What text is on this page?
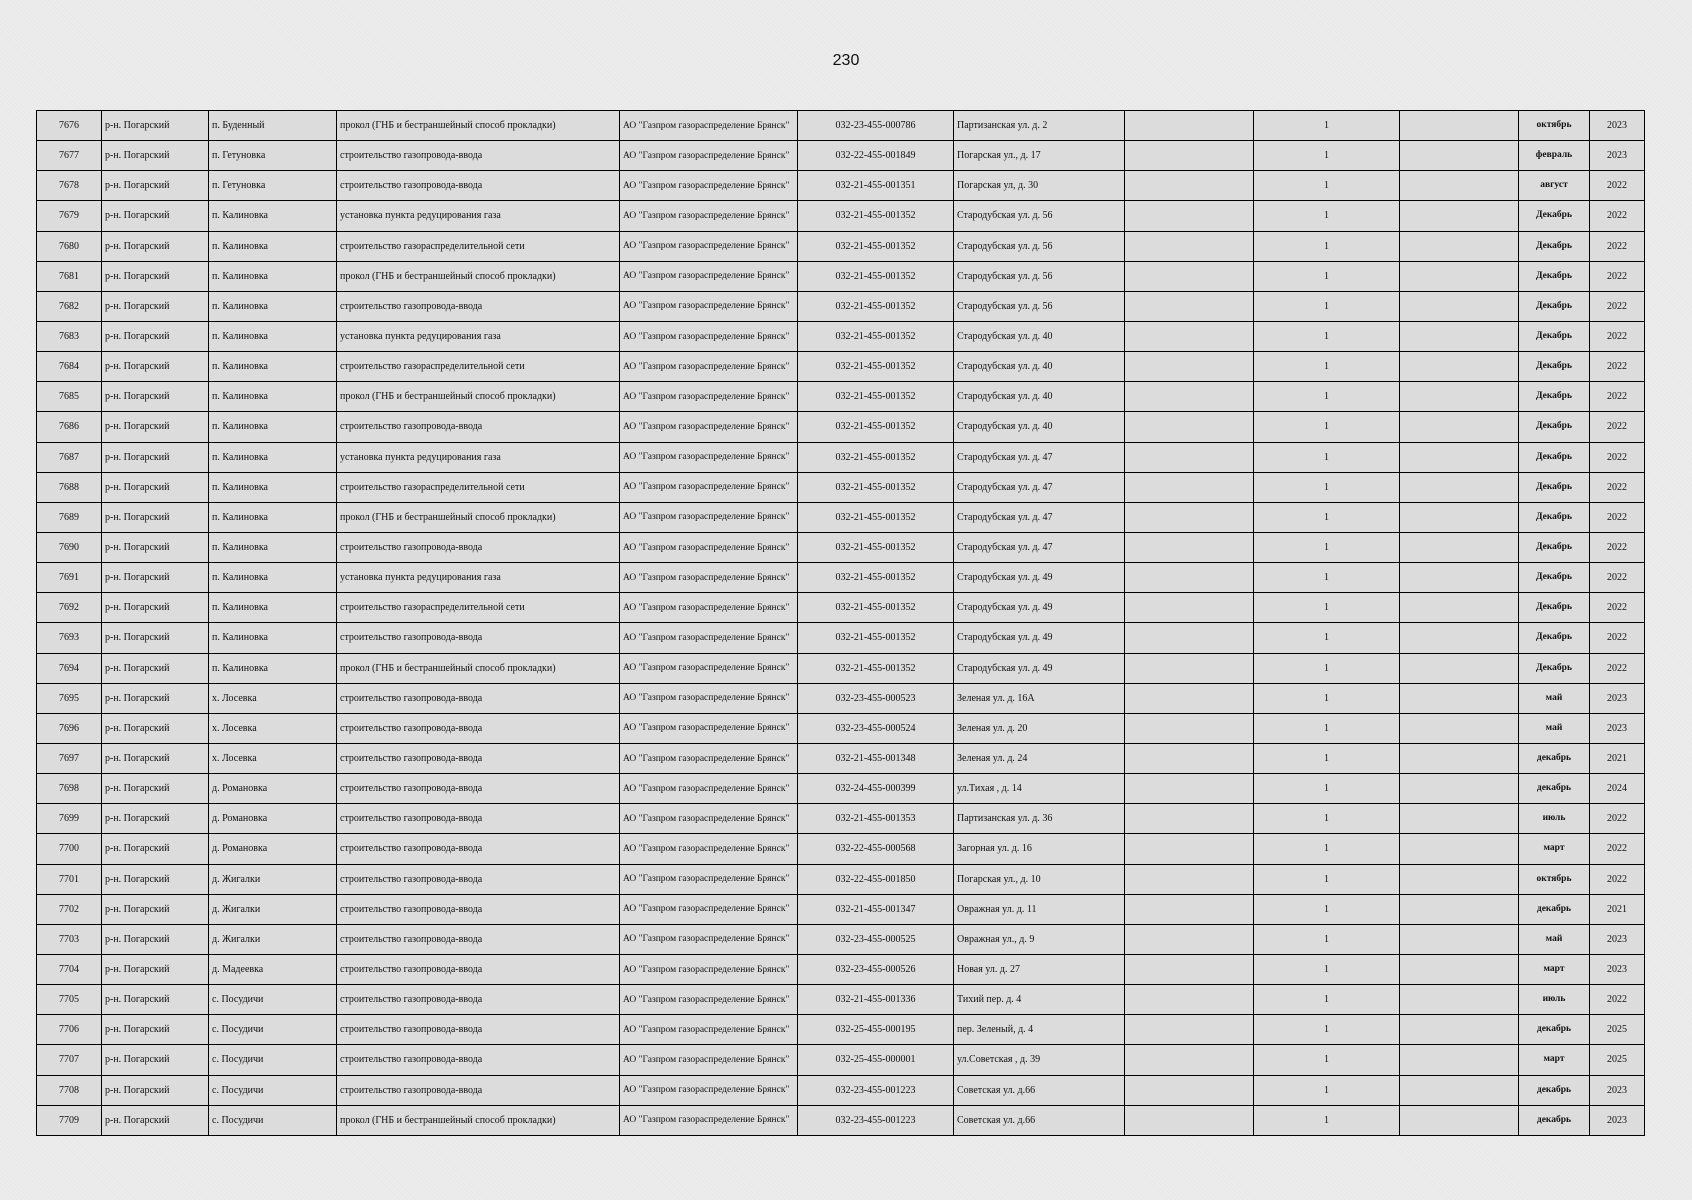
230
7676	р-н. Погарский	п. Буденный	прокол (ГНБ и бестраншейный способ прокладки)	АО "Газпром газораспределение Брянск"	032-23-455-000786	Партизанская ул. д. 2		1		октябрь	2023
7677	р-н. Погарский	п. Гетуновка	строительство газопровода-ввода	АО "Газпром газораспределение Брянск"	032-22-455-001849	Погарская ул., д. 17		1		февраль	2023
7678	р-н. Погарский	п. Гетуновка	строительство газопровода-ввода	АО "Газпром газораспределение Брянск"	032-21-455-001351	Погарская ул, д. 30		1		август	2022
7679	р-н. Погарский	п. Калиновка	установка пункта редуцирования газа	АО "Газпром газораспределение Брянск"	032-21-455-001352	Стародубская ул. д. 56		1		Декабрь	2022
7680	р-н. Погарский	п. Калиновка	строительство газораспределительной сети	АО "Газпром газораспределение Брянск"	032-21-455-001352	Стародубская ул. д. 56		1		Декабрь	2022
7681	р-н. Погарский	п. Калиновка	прокол (ГНБ и бестраншейный способ прокладки)	АО "Газпром газораспределение Брянск"	032-21-455-001352	Стародубская ул. д. 56		1		Декабрь	2022
7682	р-н. Погарский	п. Калиновка	строительство газопровода-ввода	АО "Газпром газораспределение Брянск"	032-21-455-001352	Стародубская ул. д. 56		1		Декабрь	2022
7683	р-н. Погарский	п. Калиновка	установка пункта редуцирования газа	АО "Газпром газораспределение Брянск"	032-21-455-001352	Стародубская ул. д. 40		1		Декабрь	2022
7684	р-н. Погарский	п. Калиновка	строительство газораспределительной сети	АО "Газпром газораспределение Брянск"	032-21-455-001352	Стародубская ул. д. 40		1		Декабрь	2022
7685	р-н. Погарский	п. Калиновка	прокол (ГНБ и бестраншейный способ прокладки)	АО "Газпром газораспределение Брянск"	032-21-455-001352	Стародубская ул. д. 40		1		Декабрь	2022
7686	р-н. Погарский	п. Калиновка	строительство газопровода-ввода	АО "Газпром газораспределение Брянск"	032-21-455-001352	Стародубская ул. д. 40		1		Декабрь	2022
7687	р-н. Погарский	п. Калиновка	установка пункта редуцирования газа	АО "Газпром газораспределение Брянск"	032-21-455-001352	Стародубская ул. д. 47		1		Декабрь	2022
7688	р-н. Погарский	п. Калиновка	строительство газораспределительной сети	АО "Газпром газораспределение Брянск"	032-21-455-001352	Стародубская ул. д. 47		1		Декабрь	2022
7689	р-н. Погарский	п. Калиновка	прокол (ГНБ и бестраншейный способ прокладки)	АО "Газпром газораспределение Брянск"	032-21-455-001352	Стародубская ул. д. 47		1		Декабрь	2022
7690	р-н. Погарский	п. Калиновка	строительство газопровода-ввода	АО "Газпром газораспределение Брянск"	032-21-455-001352	Стародубская ул. д. 47		1		Декабрь	2022
7691	р-н. Погарский	п. Калиновка	установка пункта редуцирования газа	АО "Газпром газораспределение Брянск"	032-21-455-001352	Стародубская ул. д. 49		1		Декабрь	2022
7692	р-н. Погарский	п. Калиновка	строительство газораспределительной сети	АО "Газпром газораспределение Брянск"	032-21-455-001352	Стародубская ул. д. 49		1		Декабрь	2022
7693	р-н. Погарский	п. Калиновка	строительство газопровода-ввода	АО "Газпром газораспределение Брянск"	032-21-455-001352	Стародубская ул. д. 49		1		Декабрь	2022
7694	р-н. Погарский	п. Калиновка	прокол (ГНБ и бестраншейный способ прокладки)	АО "Газпром газораспределение Брянск"	032-21-455-001352	Стародубская ул. д. 49		1		Декабрь	2022
7695	р-н. Погарский	х. Лосевка	строительство газопровода-ввода	АО "Газпром газораспределение Брянск"	032-23-455-000523	Зеленая ул. д. 16А		1		май	2023
7696	р-н. Погарский	х. Лосевка	строительство газопровода-ввода	АО "Газпром газораспределение Брянск"	032-23-455-000524	Зеленая ул. д. 20		1		май	2023
7697	р-н. Погарский	х. Лосевка	строительство газопровода-ввода	АО "Газпром газораспределение Брянск"	032-21-455-001348	Зеленая ул. д. 24		1		декабрь	2021
7698	р-н. Погарский	д. Романовка	строительство газопровода-ввода	АО "Газпром газораспределение Брянск"	032-24-455-000399	ул.Тихая , д. 14		1		декабрь	2024
7699	р-н. Погарский	д. Романовка	строительство газопровода-ввода	АО "Газпром газораспределение Брянск"	032-21-455-001353	Партизанская ул. д. 36		1		июль	2022
7700	р-н. Погарский	д. Романовка	строительство газопровода-ввода	АО "Газпром газораспределение Брянск"	032-22-455-000568	Загорная ул. д. 16		1		март	2022
7701	р-н. Погарский	д. Жигалки	строительство газопровода-ввода	АО "Газпром газораспределение Брянск"	032-22-455-001850	Погарская ул., д. 10		1		октябрь	2022
7702	р-н. Погарский	д. Жигалки	строительство газопровода-ввода	АО "Газпром газораспределение Брянск"	032-21-455-001347	Овражная ул. д. 11		1		декабрь	2021
7703	р-н. Погарский	д. Жигалки	строительство газопровода-ввода	АО "Газпром газораспределение Брянск"	032-23-455-000525	Овражная ул., д. 9		1		май	2023
7704	р-н. Погарский	д. Мадеевка	строительство газопровода-ввода	АО "Газпром газораспределение Брянск"	032-23-455-000526	Новая ул. д. 27		1		март	2023
7705	р-н. Погарский	с. Посудичи	строительство газопровода-ввода	АО "Газпром газораспределение Брянск"	032-21-455-001336	Тихий пер. д. 4		1		июль	2022
7706	р-н. Погарский	с. Посудичи	строительство газопровода-ввода	АО "Газпром газораспределение Брянск"	032-25-455-000195	пер. Зеленый, д. 4		1		декабрь	2025
7707	р-н. Погарский	с. Посудичи	строительство газопровода-ввода	АО "Газпром газораспределение Брянск"	032-25-455-000001	ул.Советская , д. 39		1		март	2025
7708	р-н. Погарский	с. Посудичи	строительство газопровода-ввода	АО "Газпром газораспределение Брянск"	032-23-455-001223	Советская ул. д.66		1		декабрь	2023
7709	р-н. Погарский	с. Посудичи	прокол (ГНБ и бестраншейный способ прокладки)	АО "Газпром газораспределение Брянск"	032-23-455-001223	Советская ул. д.66		1		декабрь	2023
